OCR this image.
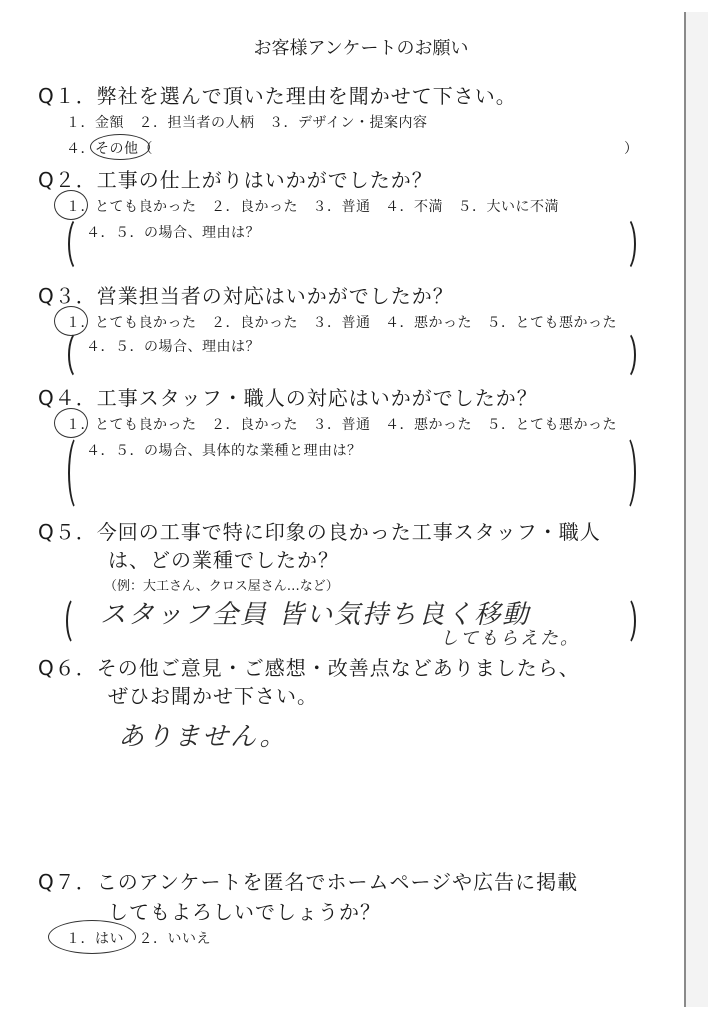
お客様アンケートのお願い
Q１．弊社を選んで頂いた理由を聞かせて下さい。
１．金額　２．担当者の人柄　３．デザイン・提案内容
４．その他（	）
Q２．工事の仕上がりはいかがでしたか？
１．とても良かった　２．良かった　３．普通　４．不満　５．大いに不満
４．５．の場合、理由は？
Q３．営業担当者の対応はいかがでしたか？
１．とても良かった　２．良かった　３．普通　４．悪かった　５．とても悪かった
４．５．の場合、理由は？
Q４．工事スタッフ・職人の対応はいかがでしたか？
１．とても良かった　２．良かった　３．普通　４．悪かった　５．とても悪かった
４．５．の場合、具体的な業種と理由は？
Q５．今回の工事で特に印象の良かった工事スタッフ・職人
は、どの業種でしたか？
（例：大工さん、クロス屋さん…など）
スタッフ全員 皆い気持ち良く移動
してもらえた。
Q６．その他ご意見・ご感想・改善点などありましたら、
ぜひお聞かせ下さい。
ありません。
Q７．このアンケートを匿名でホームページや広告に掲載
してもよろしいでしょうか？
１．はい　２．いいえ
